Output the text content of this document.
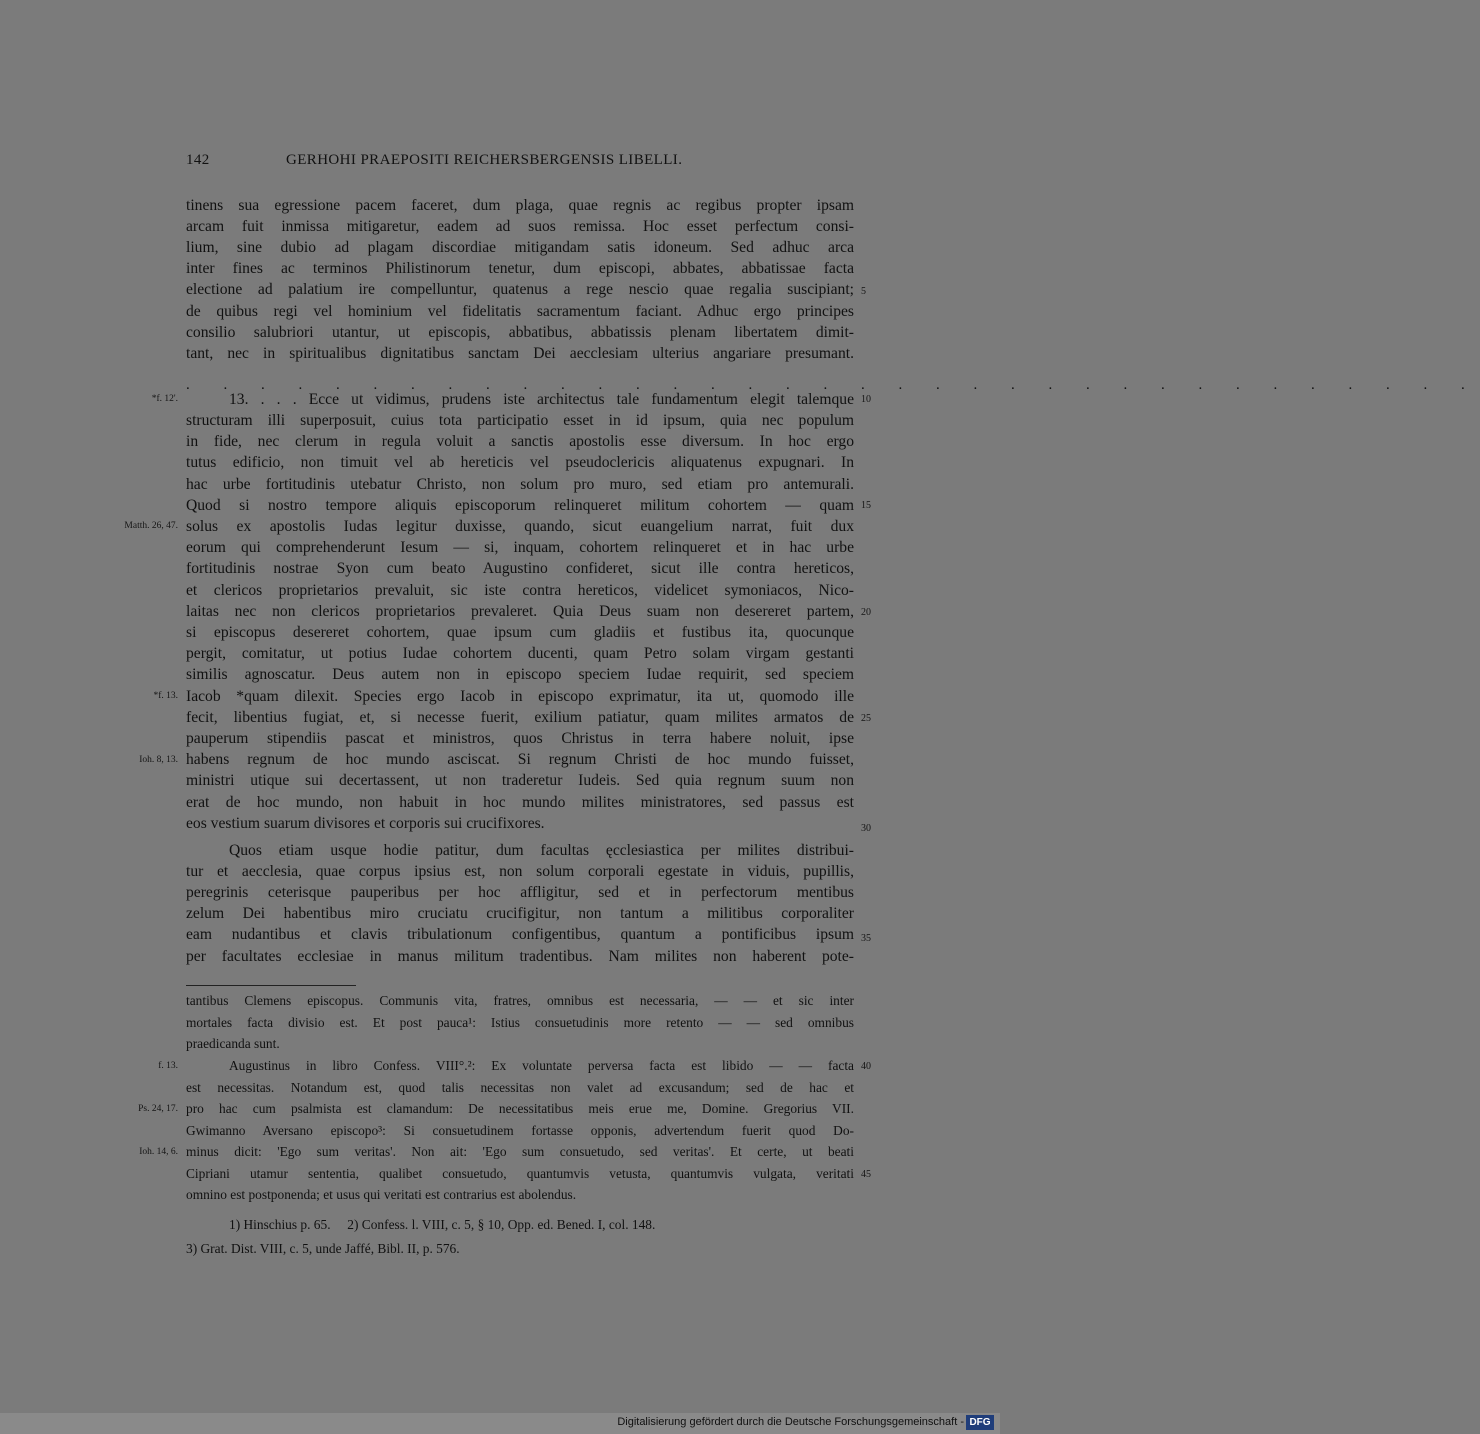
142	GERHOHI PRAEPOSITI REICHERSBERGENSIS LIBELLI.
tinens sua egressione pacem faceret, dum plaga, quae regnis ac regibus propter ipsam
arcam fuit inmissa mitigaretur, eadem ad suos remissa. Hoc esset perfectum consi-
lium, sine dubio ad plagam discordiae mitigandam satis idoneum. Sed adhuc arca
inter fines ac terminos Philistinorum tenetur, dum episcopi, abbates, abbatissae facta
electione ad palatium ire compelluntur, quatenus a rege nescio quae regalia suscipiant;
de quibus regi vel hominium vel fidelitatis sacramentum faciant. Adhuc ergo principes
consilio salubriori utantur, ut episcopis, abbatibus, abbatissis plenam libertatem dimit-
tant, nec in spiritualibus dignitatibus sanctam Dei aecclesiam ulterius angariare presumant.
. . . . . . . . . . . . . . . . . . . . . . . . . . . . . . . . . . .
13. . . . Ecce ut vidimus, prudens iste architectus tale fundamentum elegit talemque
structuram illi superposuit, cuius tota participatio esset in id ipsum, quia nec populum
in fide, nec clerum in regula voluit a sanctis apostolis esse diversum. In hoc ergo
tutus edificio, non timuit vel ab hereticis vel pseudoclericis aliquatenus expugnari. In
hac urbe fortitudinis utebatur Christo, non solum pro muro, sed etiam pro antemurali.
Quod si nostro tempore aliquis episcoporum relinqueret militum cohortem — quam
solus ex apostolis Iudas legitur duxisse, quando, sicut euangelium narrat, fuit dux
eorum qui comprehenderunt Iesum — si, inquam, cohortem relinqueret et in hac urbe
fortitudinis nostrae Syon cum beato Augustino confideret, sicut ille contra hereticos,
et clericos proprietarios prevaluit, sic iste contra hereticos, videlicet symoniacos, Nico-
laitas nec non clericos proprietarios prevaleret. Quia Deus suam non desereret partem,
si episcopus desereret cohortem, quae ipsum cum gladiis et fustibus ita, quocunque
pergit, comitatur, ut potius Iudae cohortem ducenti, quam Petro solam virgam gestanti
similis agnoscatur. Deus autem non in episcopo speciem Iudae requirit, sed speciem
Iacob *quam dilexit. Species ergo Iacob in episcopo exprimatur, ita ut, quomodo ille
fecit, libentius fugiat, et, si necesse fuerit, exilium patiatur, quam milites armatos de
pauperum stipendiis pascat et ministros, quos Christus in terra habere noluit, ipse
habens regnum de hoc mundo asciscat. Si regnum Christi de hoc mundo fuisset,
ministri utique sui decertassent, ut non traderetur Iudeis. Sed quia regnum suum non
erat de hoc mundo, non habuit in hoc mundo milites ministratores, sed passus est
eos vestium suarum divisores et corporis sui crucifixores.
Quos etiam usque hodie patitur, dum facultas ęcclesiastica per milites distribui-
tur et aecclesia, quae corpus ipsius est, non solum corporali egestate in viduis, pupillis,
peregrinis ceterisque pauperibus per hoc affligitur, sed et in perfectorum mentibus
zelum Dei habentibus miro cruciatu crucifigitur, non tantum a militibus corporaliter
eam nudantibus et clavis tribulationum configentibus, quantum a pontificibus ipsum
per facultates ecclesiae in manus militum tradentibus. Nam milites non haberent pote-
5
10
15
20
25
30
35
40
45
*f. 12'.
Matth. 26, 47.
*f. 13.
Ioh. 8, 13.
f. 13.
Ps. 24, 17.
Ioh. 14, 6.
tantibus Clemens episcopus. Communis vita, fratres, omnibus est necessaria, — — et sic inter
mortales facta divisio est. Et post pauca¹: Istius consuetudinis more retento — — sed omnibus
praedicanda sunt.
Augustinus in libro Confess. VIII°.²: Ex voluntate perversa facta est libido — — facta
est necessitas. Notandum est, quod talis necessitas non valet ad excusandum; sed de hac et
pro hac cum psalmista est clamandum: De necessitatibus meis erue me, Domine. Gregorius VII.
Gwimanno Aversano episcopo³: Si consuetudinem fortasse opponis, advertendum fuerit quod Do-
minus dicit: 'Ego sum veritas'. Non ait: 'Ego sum consuetudo, sed veritas'. Et certe, ut beati
Cipriani utamur sententia, qualibet consuetudo, quantumvis vetusta, quantumvis vulgata, veritati
omnino est postponenda; et usus qui veritati est contrarius est abolendus.
1) Hinschius p. 65.     2) Confess. l. VIII, c. 5, § 10, Opp. ed. Bened. I, col. 148.
3) Grat. Dist. VIII, c. 5, unde Jaffé, Bibl. II, p. 576.
Digitalisierung gefördert durch die Deutsche Forschungsgemeinschaft - DFG
